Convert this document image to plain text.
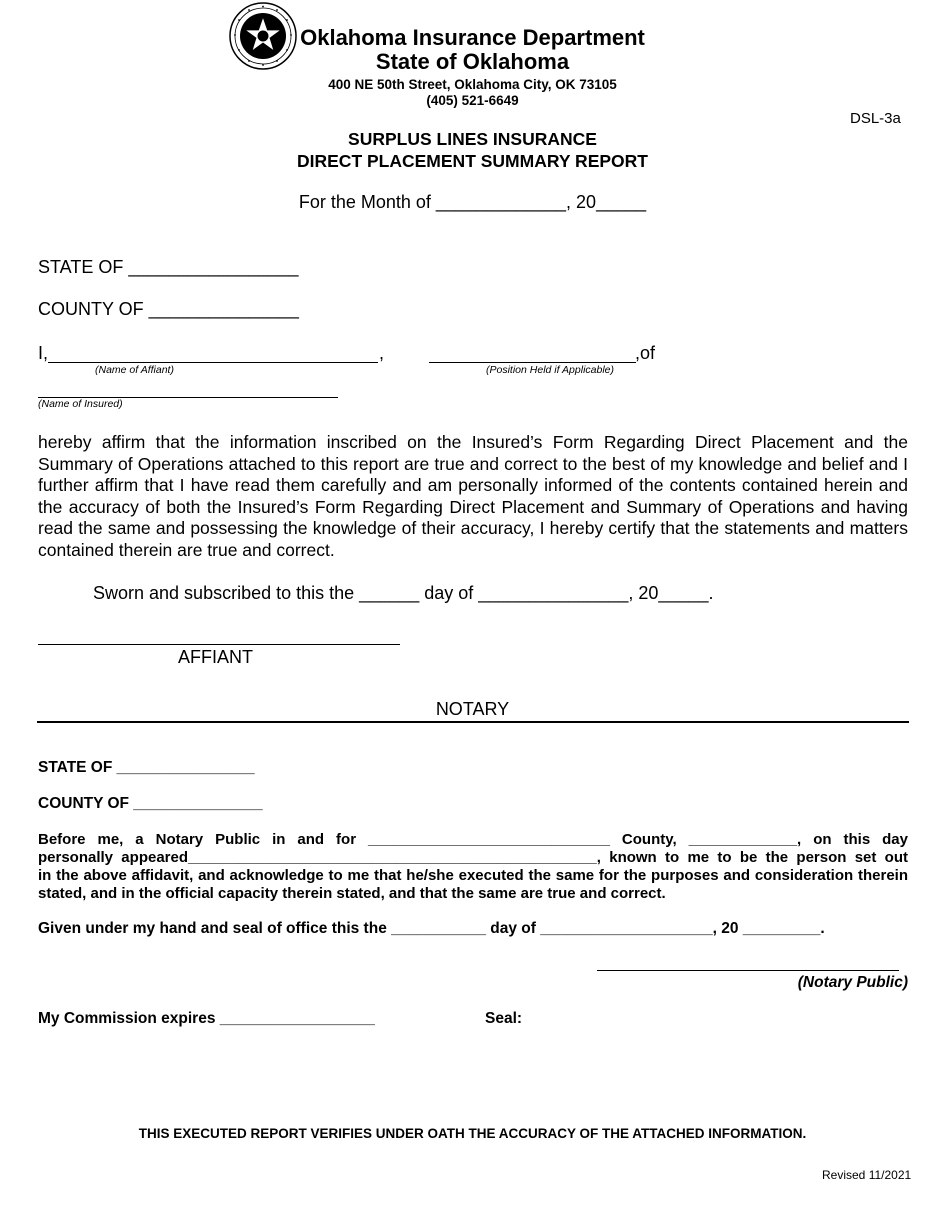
Oklahoma Insurance Department
State of Oklahoma
400 NE 50th Street, Oklahoma City, OK 73105
(405) 521-6649
DSL-3a
SURPLUS LINES INSURANCE
DIRECT PLACEMENT SUMMARY REPORT
For the Month of _____________, 20_____
STATE OF _________________
COUNTY OF _______________
I,	,	,of
(Name of Affiant)	(Position Held if Applicable)
(Name of Insured)
hereby affirm that the information inscribed on the Insured’s Form Regarding Direct Placement and the Summary of Operations attached to this report are true and correct to the best of my knowledge and belief and I further affirm that I have read them carefully and am personally informed of the contents contained herein and the accuracy of both the Insured’s Form Regarding Direct Placement and Summary of Operations and having read the same and possessing the knowledge of their accuracy, I hereby certify that the statements and matters contained therein are true and correct.
Sworn and subscribed to this the ______ day of _______________, 20_____.
AFFIANT
NOTARY
STATE OF ________________
COUNTY OF _______________

Before me, a Notary Public in and for _____________________________ County, _____________, on this day

personally appeared_________________________________________________, known to me to be the person set out

in the above affidavit, and acknowledge to me that he/she executed the same for the purposes and consideration therein stated, and in the official capacity therein stated, and that the same are true and correct.

Given under my hand and seal of office this the ___________ day of ____________________, 20 _________.
(Notary Public)
My Commission expires __________________	Seal:
THIS EXECUTED REPORT VERIFIES UNDER OATH THE ACCURACY OF THE ATTACHED INFORMATION.
Revised 11/2021
